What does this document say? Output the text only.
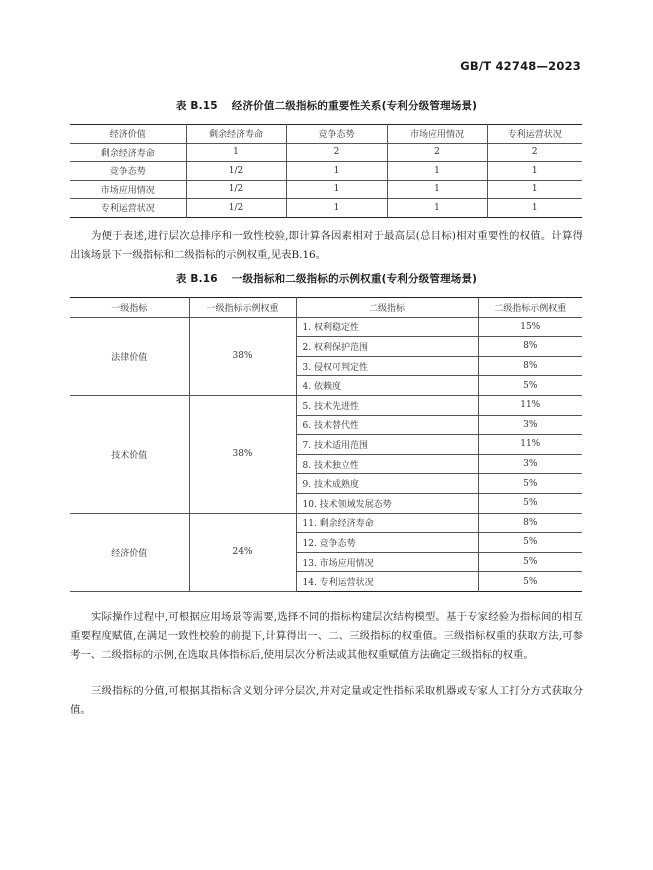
GB/T 42748—2023
表 B.15 经济价值二级指标的重要性关系(专利分级管理场景)
经济价值	剩余经济寿命	竞争态势	市场应用情况	专利运营状况
剩余经济寿命	1	2	2	2
竞争态势	1/2	1	1	1
市场应用情况	1/2	1	1	1
专利运营状况	1/2	1	1	1

为便于表述,进行层次总排序和一致性校验,即计算各因素相对于最高层(总目标)相对重要性的权值。计算得出该场景下一级指标和二级指标的示例权重,见表B.16。

表 B.16 一级指标和二级指标的示例权重(专利分级管理场景)
一级指标	一级指标示例权重	二级指标	二级指标示例权重
法律价值	38%	1. 权利稳定性	15%
		2. 权利保护范围	8%
		3. 侵权可判定性	8%
		4. 依赖度	5%
技术价值	38%	5. 技术先进性	11%
		6. 技术替代性	3%
		7. 技术适用范围	11%
		8. 技术独立性	3%
		9. 技术成熟度	5%
		10. 技术领域发展态势	5%
经济价值	24%	11. 剩余经济寿命	8%
		12. 竞争态势	5%
		13. 市场应用情况	5%
		14. 专利运营状况	5%

实际操作过程中,可根据应用场景等需要,选择不同的指标构建层次结构模型。基于专家经验为指标间的相互重要程度赋值,在满足一致性校验的前提下,计算得出一、二、三级指标的权重值。三级指标权重的获取方法,可参考一、二级指标的示例,在选取具体指标后,使用层次分析法或其他权重赋值方法确定三级指标的权重。

三级指标的分值,可根据其指标含义划分评分层次,并对定量或定性指标采取机器或专家人工打分方式获取分值。
